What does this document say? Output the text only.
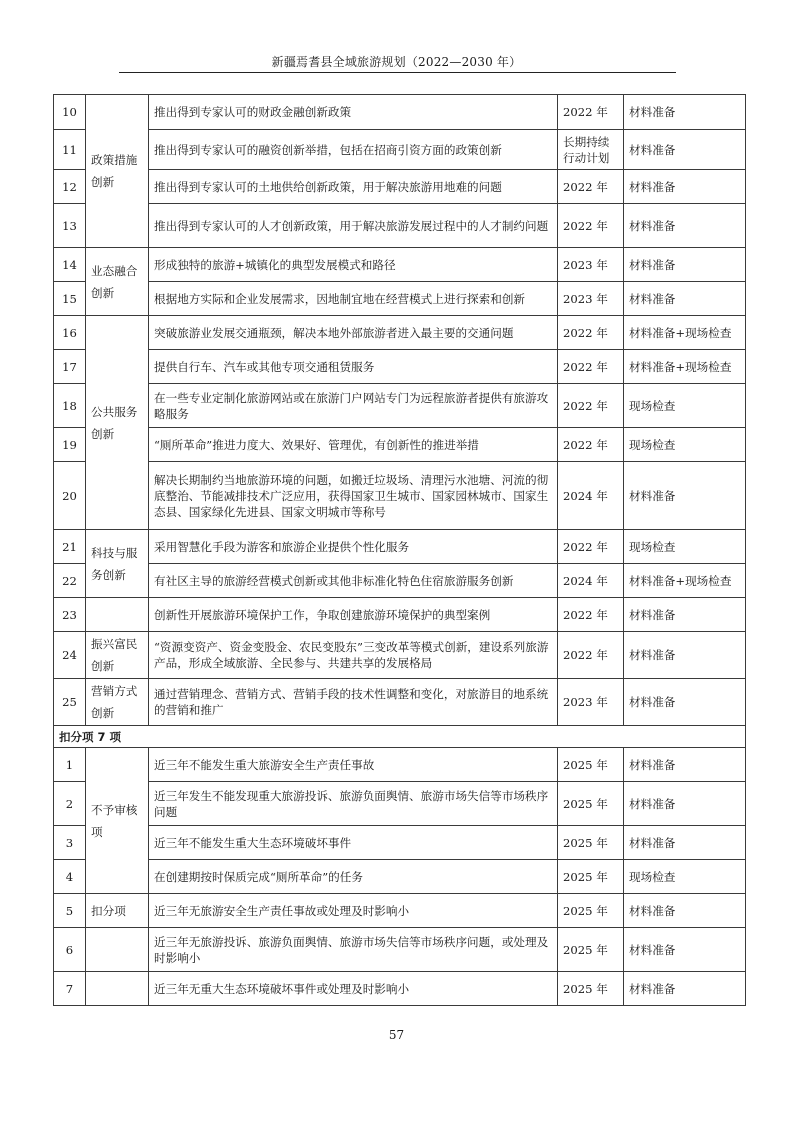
新疆焉耆县全域旅游规划（2022—2030 年）
10	政策措施创新	推出得到专家认可的财政金融创新政策	2022 年	材料准备
11		推出得到专家认可的融资创新举措，包括在招商引资方面的政策创新	长期持续行动计划	材料准备
12		推出得到专家认可的土地供给创新政策，用于解决旅游用地难的问题	2022 年	材料准备
13		推出得到专家认可的人才创新政策，用于解决旅游发展过程中的人才制约问题	2022 年	材料准备
14	业态融合创新	形成独特的旅游+城镇化的典型发展模式和路径	2023 年	材料准备
15		根据地方实际和企业发展需求，因地制宜地在经营模式上进行探索和创新	2023 年	材料准备
16	公共服务创新	突破旅游业发展交通瓶颈，解决本地外部旅游者进入最主要的交通问题	2022 年	材料准备+现场检查
17		提供自行车、汽车或其他专项交通租赁服务	2022 年	材料准备+现场检查
18		在一些专业定制化旅游网站或在旅游门户网站专门为远程旅游者提供有旅游攻略服务	2022 年	现场检查
19		“厕所革命”推进力度大、效果好、管理优，有创新性的推进举措	2022 年	现场检查
20		解决长期制约当地旅游环境的问题，如搬迁垃圾场、清理污水池塘、河流的彻底整治、节能减排技术广泛应用，获得国家卫生城市、国家园林城市、国家生态县、国家绿化先进县、国家文明城市等称号	2024 年	材料准备
21	科技与服务创新	采用智慧化手段为游客和旅游企业提供个性化服务	2022 年	现场检查
22		有社区主导的旅游经营模式创新或其他非标准化特色住宿旅游服务创新	2024 年	材料准备+现场检查
23		创新性开展旅游环境保护工作，争取创建旅游环境保护的典型案例	2022 年	材料准备
24	振兴富民创新	“资源变资产、资金变股金、农民变股东”三变改革等模式创新，建设系列旅游产品，形成全域旅游、全民参与、共建共享的发展格局	2022 年	材料准备
25	营销方式创新	通过营销理念、营销方式、营销手段的技术性调整和变化，对旅游目的地系统的营销和推广	2023 年	材料准备
扣分项 7 项				
1	不予审核项	近三年不能发生重大旅游安全生产责任事故	2025 年	材料准备
2		近三年发生不能发现重大旅游投诉、旅游负面舆情、旅游市场失信等市场秩序问题	2025 年	材料准备
3		近三年不能发生重大生态环境破坏事件	2025 年	材料准备
4		在创建期按时保质完成“厕所革命”的任务	2025 年	现场检查
5	扣分项	近三年无旅游安全生产责任事故或处理及时影响小	2025 年	材料准备
6		近三年无旅游投诉、旅游负面舆情、旅游市场失信等市场秩序问题，或处理及时影响小	2025 年	材料准备
7		近三年无重大生态环境破坏事件或处理及时影响小	2025 年	材料准备
57
